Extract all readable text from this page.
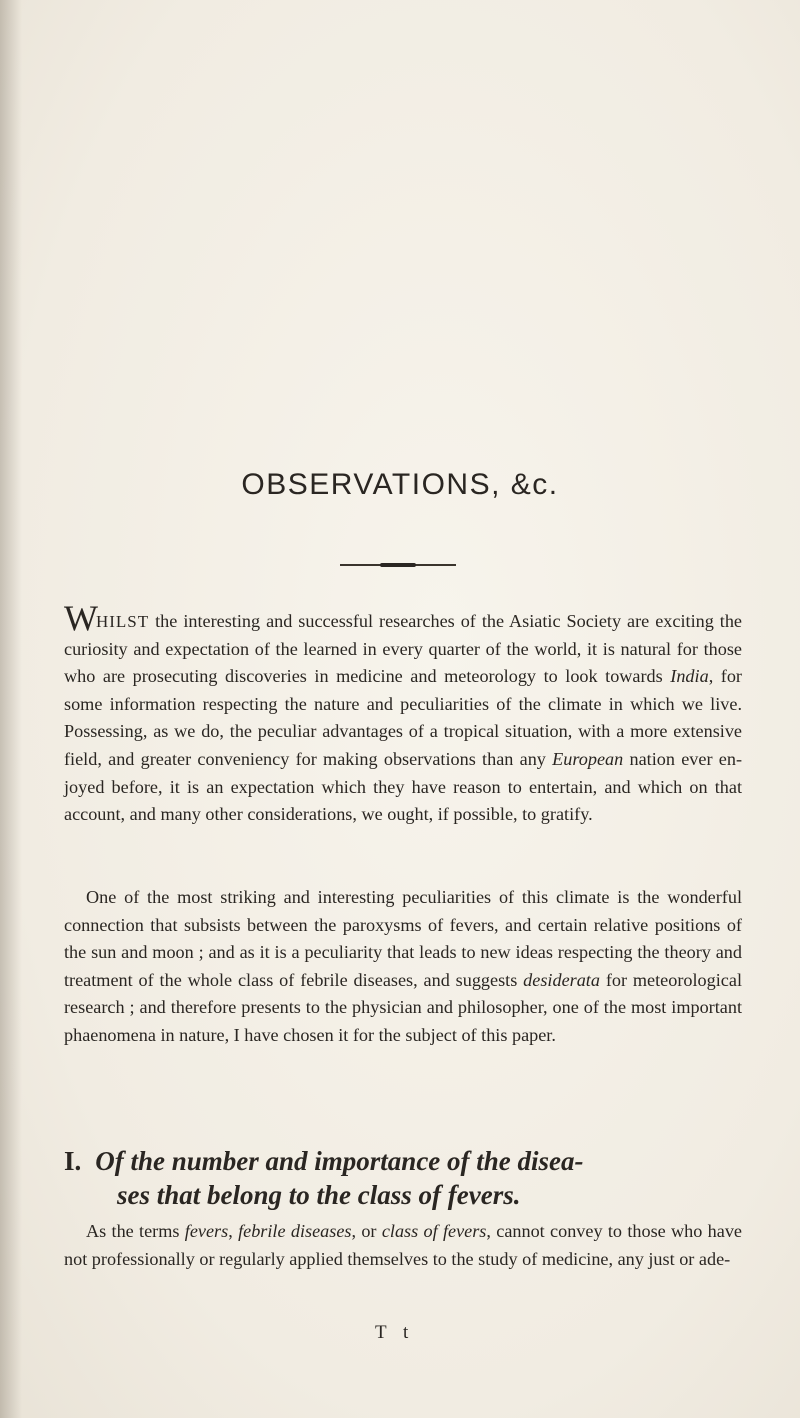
OBSERVATIONS, &c.

WHILST the interesting and successful researches of the Asiatic Society are exciting the curiosity and expectation of the learned in every quarter of the world, it is natural for those who are prosecuting discoveries in medicine and meteorology to look towards India, for some information respecting the nature and peculiarities of the climate in which we live. Possessing, as we do, the peculiar advantages of a tropical situation, with a more extensive field, and greater conveniency for making observations than any European nation ever enjoyed before, it is an expectation which they have reason to entertain, and which on that account, and many other considerations, we ought, if possible, to gratify.

One of the most striking and interesting peculiarities of this climate is the wonderful connection that subsists between the paroxysms of fevers, and certain relative positions of the sun and moon ; and as it is a peculiarity that leads to new ideas respecting the theory and treatment of the whole class of febrile diseases, and suggests desiderata for meteorological research ; and therefore presents to the physician and philosopher, one of the most important phaenomena in nature, I have chosen it for the subject of this paper.

I. Of the number and importance of the disea-
ses that belong to the class of fevers.

As the terms fevers, febrile diseases, or class of fevers, cannot convey to those who have not professionally or regularly applied themselves to the study of medicine, any just or ade-

T t
